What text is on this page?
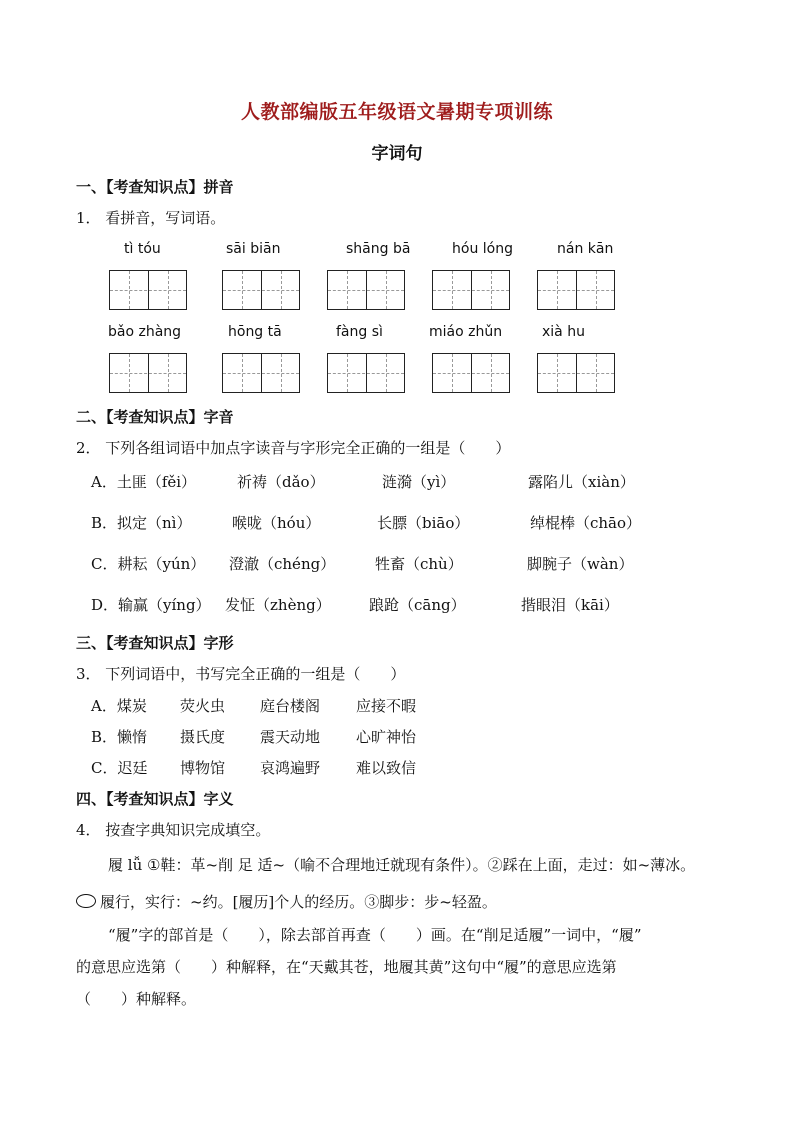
人教部编版五年级语文暑期专项训练
字词句
一、【考查知识点】拼音
1． 看拼音，写词语。
tì tóu	sāi biān	shāng bā	hóu lóng	nán kān
bǎo zhàng	hōng tā	fàng sì	miáo zhǔn	xià hu
二、【考查知识点】字音
2． 下列各组词语中加点字读音与字形完全正确的一组是（　　）
A．土匪（fěi）	祈祷（dǎo）	涟漪（yì）	露陷儿（xiàn）
B．拟定（nì）	喉咙（hóu）	长膘（biāo）	绰棍棒（chāo）
C．耕耘（yún） 澄澈（chéng）	牲畜（chù）	脚腕子（wàn）
D．输赢（yíng） 发怔（zhèng）	踉跄（cāng）	揩眼泪（kāi）
三、【考查知识点】字形
3． 下列词语中，书写完全正确的一组是（　　）
A．煤炭 荧火虫 庭台楼阁 应接不暇
B．懒惰 摄氏度 震天动地 心旷神怡
C．迟廷 博物馆 哀鸿遍野 难以致信
四、【考查知识点】字义
4． 按查字典知识完成填空。
履 lǚ ①鞋：革~削 足 适~（喻不合理地迁就现有条件）。②踩在上面，走过：如~薄冰。
履行，实行：~约。[履历]个人的经历。③脚步：步~轻盈。
“履”字的部首是（　　），除去部首再查（　　）画。在“削足适履”一词中，“履”
的意思应选第（　　）种解释，在“天戴其苍，地履其黄”这句中“履”的意思应选第
（　　）种解释。
